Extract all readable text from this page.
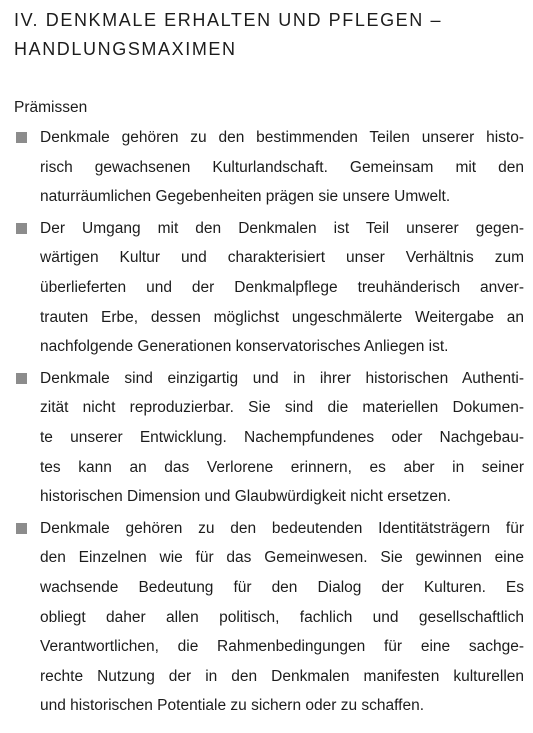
IV. DENKMALE ERHALTEN UND PFLEGEN –
HANDLUNGSMAXIMEN
Prämissen
Denkmale gehören zu den bestimmenden Teilen unserer histo-
risch gewachsenen Kulturlandschaft. Gemeinsam mit den
naturräumlichen Gegebenheiten prägen sie unsere Umwelt.
Der Umgang mit den Denkmalen ist Teil unserer gegen-
wärtigen Kultur und charakterisiert unser Verhältnis zum
überlieferten und der Denkmalpflege treuhänderisch anver-
trauten Erbe, dessen möglichst ungeschmälerte Weitergabe an
nachfolgende Generationen konservatorisches Anliegen ist.
Denkmale sind einzigartig und in ihrer historischen Authenti-
zität nicht reproduzierbar. Sie sind die materiellen Dokumen-
te unserer Entwicklung. Nachempfundenes oder Nachgebau-
tes kann an das Verlorene erinnern, es aber in seiner
historischen Dimension und Glaubwürdigkeit nicht ersetzen.
Denkmale gehören zu den bedeutenden Identitätsträgern für
den Einzelnen wie für das Gemeinwesen. Sie gewinnen eine
wachsende Bedeutung für den Dialog der Kulturen. Es
obliegt daher allen politisch, fachlich und gesellschaftlich
Verantwortlichen, die Rahmenbedingungen für eine sachge-
rechte Nutzung der in den Denkmalen manifesten kulturellen
und historischen Potentiale zu sichern oder zu schaffen.
